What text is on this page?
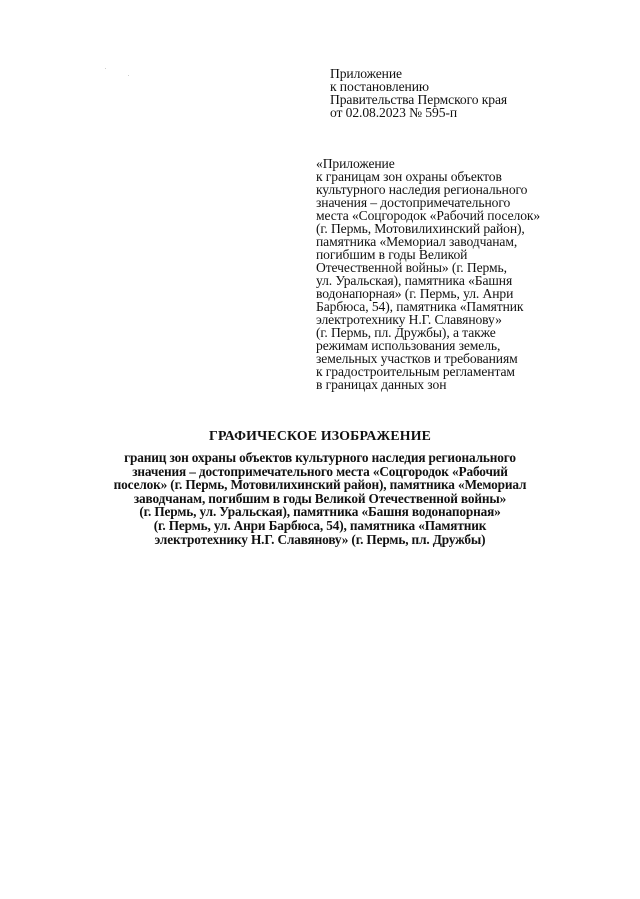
Приложение
к постановлению
Правительства Пермского края
от 02.08.2023 № 595-п
«Приложение
к границам зон охраны объектов
культурного наследия регионального
значения – достопримечательного
места «Соцгородок «Рабочий поселок»
(г. Пермь, Мотовилихинский район),
памятника «Мемориал заводчанам,
погибшим в годы Великой
Отечественной войны» (г. Пермь,
ул. Уральская), памятника «Башня
водонапорная» (г. Пермь, ул. Анри
Барбюса, 54), памятника «Памятник
электротехнику Н.Г. Славянову»
(г. Пермь, пл. Дружбы), а также
режимам использования земель,
земельных участков и требованиям
к градостроительным регламентам
в границах данных зон
ГРАФИЧЕСКОЕ ИЗОБРАЖЕНИЕ
границ зон охраны объектов культурного наследия регионального
значения – достопримечательного места «Соцгородок «Рабочий
поселок» (г. Пермь, Мотовилихинский район), памятника «Мемориал
заводчанам, погибшим в годы Великой Отечественной войны»
(г. Пермь, ул. Уральская), памятника «Башня водонапорная»
(г. Пермь, ул. Анри Барбюса, 54), памятника «Памятник
электротехнику Н.Г. Славянову» (г. Пермь, пл. Дружбы)
